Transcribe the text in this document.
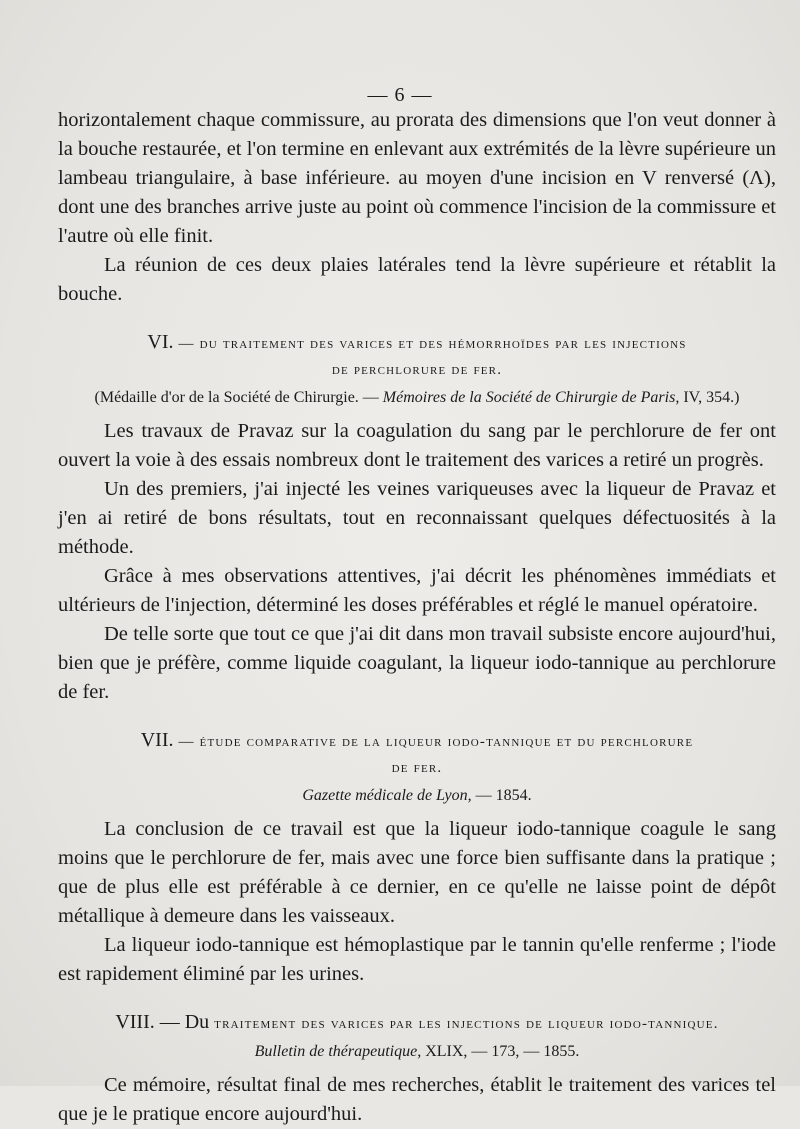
— 6 —

horizontalement chaque commissure, au prorata des dimensions que l'on veut donner à la bouche restaurée, et l'on termine en enlevant aux extrémités de la lèvre supérieure un lambeau triangulaire, à base inférieure. au moyen d'une incision en V renversé (Λ), dont une des branches arrive juste au point où commence l'incision de la commissure et l'autre où elle finit.

La réunion de ces deux plaies latérales tend la lèvre supérieure et rétablit la bouche.

VI. — du traitement des varices et des hémorrhoïdes par les injections
de perchlorure de fer.
(Médaille d'or de la Société de Chirurgie. — Mémoires de la Société de Chirurgie de Paris, IV, 354.)

Les travaux de Pravaz sur la coagulation du sang par le perchlorure de fer ont ouvert la voie à des essais nombreux dont le traitement des varices a retiré un progrès.

Un des premiers, j'ai injecté les veines variqueuses avec la liqueur de Pravaz et j'en ai retiré de bons résultats, tout en reconnaissant quelques défectuosités à la méthode.

Grâce à mes observations attentives, j'ai décrit les phénomènes immédiats et ultérieurs de l'injection, déterminé les doses préférables et réglé le manuel opératoire.

De telle sorte que tout ce que j'ai dit dans mon travail subsiste encore aujourd'hui, bien que je préfère, comme liquide coagulant, la liqueur iodo-tannique au perchlorure de fer.

VII. — étude comparative de la liqueur iodo-tannique et du perchlorure
de fer.
Gazette médicale de Lyon, — 1854.

La conclusion de ce travail est que la liqueur iodo-tannique coagule le sang moins que le perchlorure de fer, mais avec une force bien suffisante dans la pratique ; que de plus elle est préférable à ce dernier, en ce qu'elle ne laisse point de dépôt métallique à demeure dans les vaisseaux.

La liqueur iodo-tannique est hémoplastique par le tannin qu'elle renferme ; l'iode est rapidement éliminé par les urines.

VIII. — Du traitement des varices par les injections de liqueur iodo-tannique.
Bulletin de thérapeutique, XLIX, — 173, — 1855.

Ce mémoire, résultat final de mes recherches, établit le traitement des varices tel que je le pratique encore aujourd'hui.
